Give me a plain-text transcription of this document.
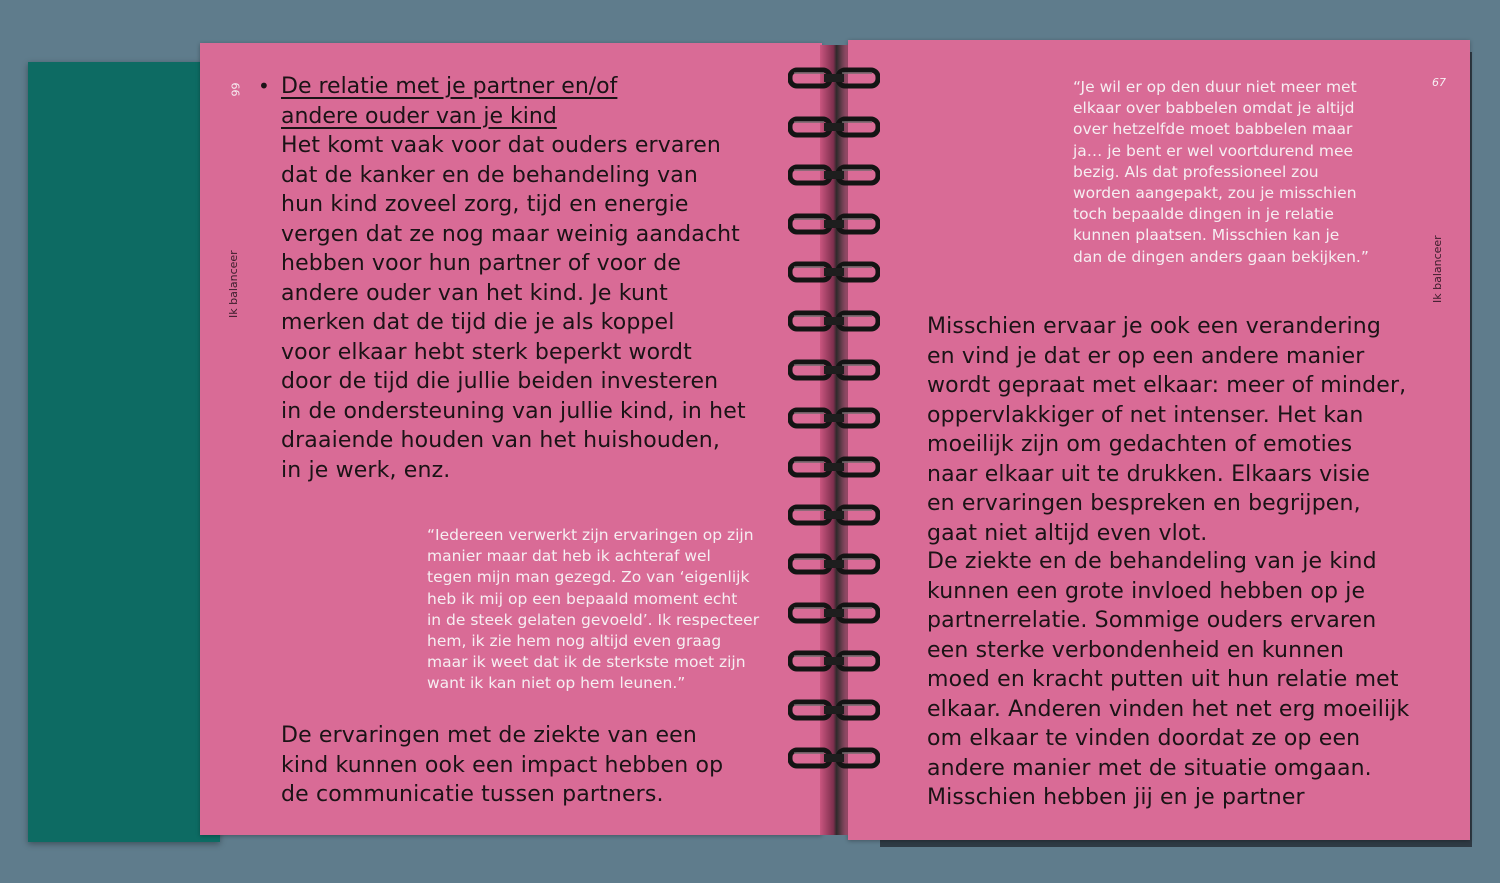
66
Ik balanceer
• De relatie met je partner en/of
andere ouder van je kind
Het komt vaak voor dat ouders ervaren
dat de kanker en de behandeling van
hun kind zoveel zorg, tijd en energie
vergen dat ze nog maar weinig aandacht
hebben voor hun partner of voor de
andere ouder van het kind. Je kunt
merken dat de tijd die je als koppel
voor elkaar hebt sterk beperkt wordt
door de tijd die jullie beiden investeren
in de ondersteuning van jullie kind, in het
draaiende houden van het huishouden,
in je werk, enz.
“Iedereen verwerkt zijn ervaringen op zijn
manier maar dat heb ik achteraf wel
tegen mijn man gezegd. Zo van ‘eigenlijk
heb ik mij op een bepaald moment echt
in de steek gelaten gevoeld’. Ik respecteer
hem, ik zie hem nog altijd even graag
maar ik weet dat ik de sterkste moet zijn
want ik kan niet op hem leunen.”
De ervaringen met de ziekte van een
kind kunnen ook een impact hebben op
de communicatie tussen partners.
67
Ik balanceer
“Je wil er op den duur niet meer met
elkaar over babbelen omdat je altijd
over hetzelfde moet babbelen maar
ja… je bent er wel voortdurend mee
bezig. Als dat professioneel zou
worden aangepakt, zou je misschien
toch bepaalde dingen in je relatie
kunnen plaatsen. Misschien kan je
dan de dingen anders gaan bekijken.”
Misschien ervaar je ook een verandering
en vind je dat er op een andere manier
wordt gepraat met elkaar: meer of minder,
oppervlakkiger of net intenser. Het kan
moeilijk zijn om gedachten of emoties
naar elkaar uit te drukken. Elkaars visie
en ervaringen bespreken en begrijpen,
gaat niet altijd even vlot.
De ziekte en de behandeling van je kind
kunnen een grote invloed hebben op je
partnerrelatie. Sommige ouders ervaren
een sterke verbondenheid en kunnen
moed en kracht putten uit hun relatie met
elkaar. Anderen vinden het net erg moeilijk
om elkaar te vinden doordat ze op een
andere manier met de situatie omgaan.
Misschien hebben jij en je partner
